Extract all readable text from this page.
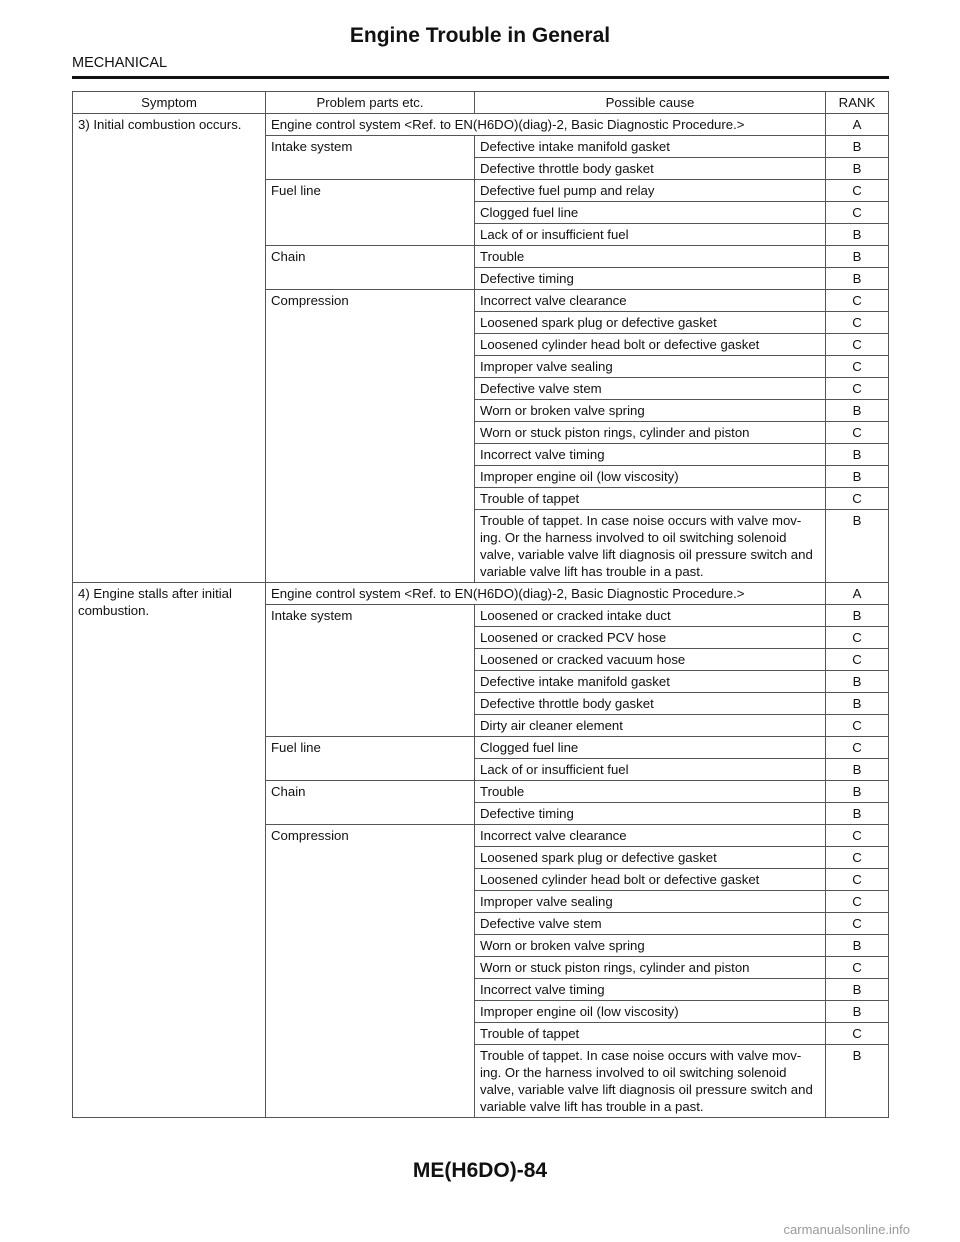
Engine Trouble in General
MECHANICAL
Symptom	Problem parts etc.	Possible cause	RANK
3) Initial combustion occurs.	Engine control system <Ref. to EN(H6DO)(diag)-2, Basic Diagnostic Procedure.>		A
	Intake system	Defective intake manifold gasket	B
		Defective throttle body gasket	B
	Fuel line	Defective fuel pump and relay	C
		Clogged fuel line	C
		Lack of or insufficient fuel	B
	Chain	Trouble	B
		Defective timing	B
	Compression	Incorrect valve clearance	C
		Loosened spark plug or defective gasket	C
		Loosened cylinder head bolt or defective gasket	C
		Improper valve sealing	C
		Defective valve stem	C
		Worn or broken valve spring	B
		Worn or stuck piston rings, cylinder and piston	C
		Incorrect valve timing	B
		Improper engine oil (low viscosity)	B
		Trouble of tappet	C
		Trouble of tappet. In case noise occurs with valve mov- ing. Or the harness involved to oil switching solenoid valve, variable valve lift diagnosis oil pressure switch and variable valve lift has trouble in a past.	B
4) Engine stalls after initial combustion.	Engine control system <Ref. to EN(H6DO)(diag)-2, Basic Diagnostic Procedure.>		A
	Intake system	Loosened or cracked intake duct	B
		Loosened or cracked PCV hose	C
		Loosened or cracked vacuum hose	C
		Defective intake manifold gasket	B
		Defective throttle body gasket	B
		Dirty air cleaner element	C
	Fuel line	Clogged fuel line	C
		Lack of or insufficient fuel	B
	Chain	Trouble	B
		Defective timing	B
	Compression	Incorrect valve clearance	C
		Loosened spark plug or defective gasket	C
		Loosened cylinder head bolt or defective gasket	C
		Improper valve sealing	C
		Defective valve stem	C
		Worn or broken valve spring	B
		Worn or stuck piston rings, cylinder and piston	C
		Incorrect valve timing	B
		Improper engine oil (low viscosity)	B
		Trouble of tappet	C
		Trouble of tappet. In case noise occurs with valve mov- ing. Or the harness involved to oil switching solenoid valve, variable valve lift diagnosis oil pressure switch and variable valve lift has trouble in a past.	B
ME(H6DO)-84
carmanualsonline.info
